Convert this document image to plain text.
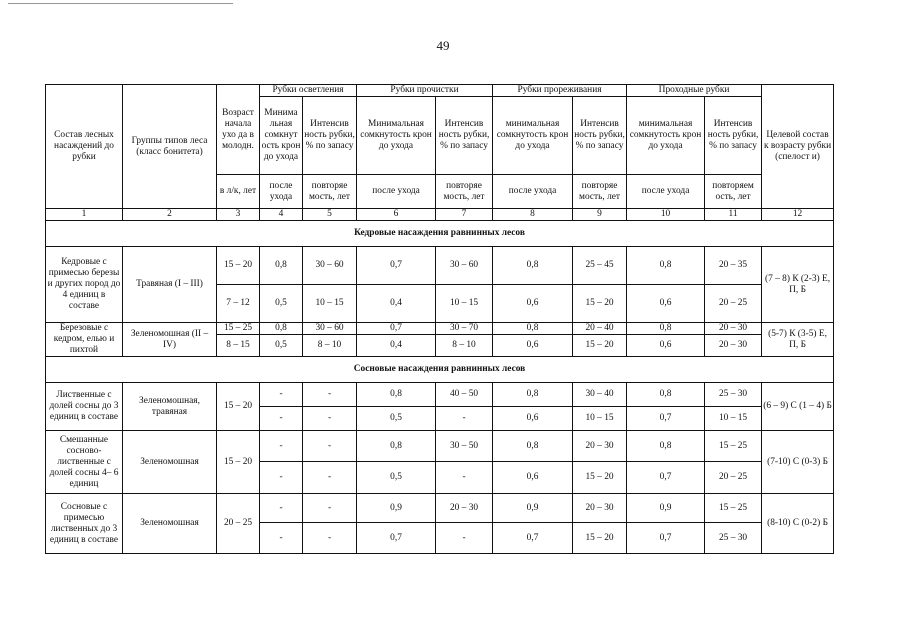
49
Состав лесных насаждений до рубки	Группы типов леса (класс бонитета)	Возраст начала ухо да в молодн.	Рубки осветления		Рубки прочистки		Рубки прореживания		Проходные рубки		Целевой состав к возрасту рубки (спелост и)
			Минима льная сомкнут ость крон до ухода	Интенсив ность рубки, % по запасу	Минимальная сомкнутость крон до ухода	Интенсив ность рубки, % по запасу	минимальная сомкнутость крон до ухода	Интенсив ность рубки, % по запасу	минимальная сомкнутость крон до ухода	Интенсив ность рубки, % по запасу	
		в л/к, лет	после ухода	повторяе мость, лет	после ухода	повторяе мость, лет	после ухода	повторяе мость, лет	после ухода	повторяем ость, лет	
1	2	3	4	5	6	7	8	9	10	11	12
Кедровые насаждения равнинных лесов											
Кедровые с примесью березы и других пород до 4 единиц в составе	Травяная (I – III)	15 – 20	0,8	30 – 60	0,7	30 – 60	0,8	25 – 45	0,8	20 – 35	(7 – 8) К (2-3) Е, П, Б
		7 – 12	0,5	10 – 15	0,4	10 – 15	0,6	15 – 20	0,6	20 – 25	
Березовые с кедром, елью и пихтой	Зеленомошная (II – IV)	15 – 25	0,8	30 – 60	0,7	30 – 70	0,8	20 – 40	0,8	20 – 30	(5-7) К (3-5) Е, П, Б
		8 – 15	0,5	8 – 10	0,4	8 – 10	0,6	15 – 20	0,6	20 – 30	
Сосновые насаждения равнинных лесов											
Лиственные с долей сосны до 3 единиц в составе	Зеленомошная, травяная	15 – 20	-	-	0,8	40 – 50	0,8	30 – 40	0,8	25 – 30	(6 – 9) С (1 – 4) Б
			-	-	0,5	-	0,6	10 – 15	0,7	10 – 15	
Смешанные сосново-лиственные с долей сосны 4– 6 единиц	Зеленомошная	15 – 20	-	-	0,8	30 – 50	0,8	20 – 30	0,8	15 – 25	(7-10) С (0-3) Б
			-	-	0,5	-	0,6	15 – 20	0,7	20 – 25	
Сосновые с примесью лиственных до 3 единиц в составе	Зеленомошная	20 – 25	-	-	0,9	20 – 30	0,9	20 – 30	0,9	15 – 25	(8-10) С (0-2) Б
			-	-	0,7	-	0,7	15 – 20	0,7	25 – 30	
